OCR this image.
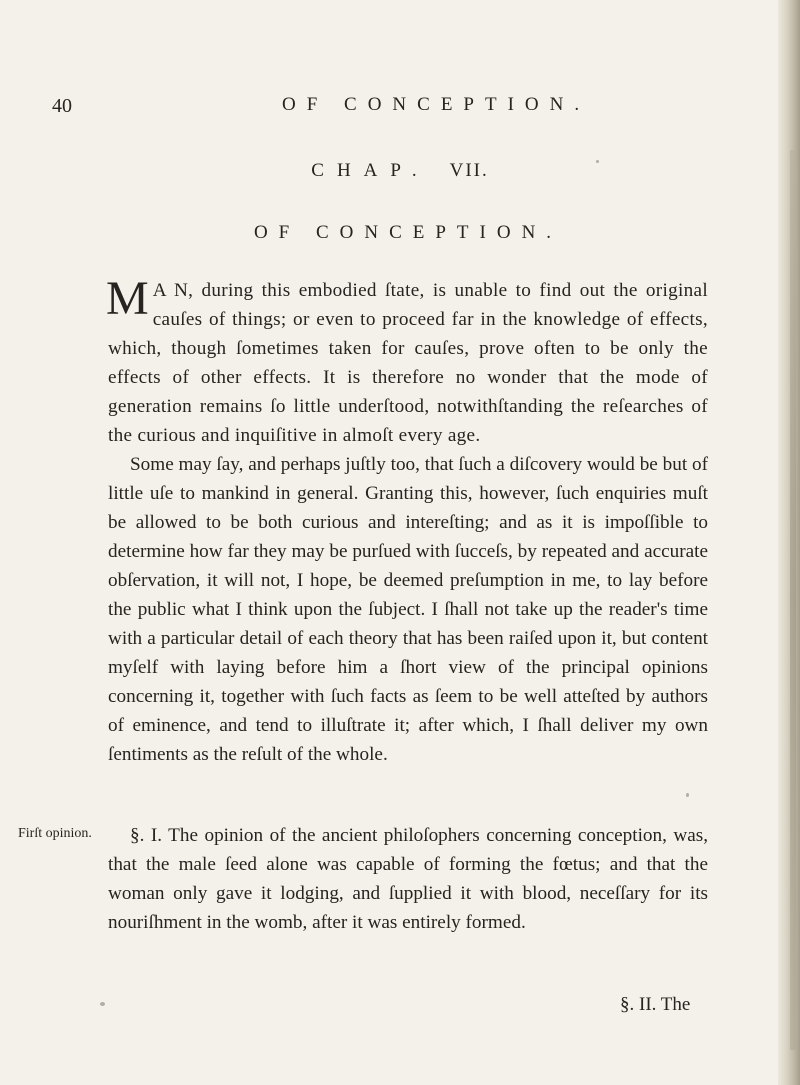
40	OF CONCEPTION.
CHAP. VII.
OF CONCEPTION.

M A N, during this embodied ſtate, is unable to find out the original cauſes of things; or even to proceed far in the knowledge of effects, which, though ſometimes taken for cauſes, prove often to be only the effects of other effects. It is therefore no wonder that the mode of generation remains ſo little underſtood, notwithſtanding the reſearches of the curious and inquiſitive in almoſt every age.

Some may ſay, and perhaps juſtly too, that ſuch a diſcovery would be but of little uſe to mankind in general. Granting this, however, ſuch enquiries muſt be allowed to be both curious and intereſting; and as it is impoſſible to determine how far they may be purſued with ſucceſs, by repeated and accurate obſervation, it will not, I hope, be deemed preſumption in me, to lay before the public what I think upon the ſubject. I ſhall not take up the reader's time with a particular detail of each theory that has been raiſed upon it, but content myſelf with laying before him a ſhort view of the principal opinions concerning it, together with ſuch facts as ſeem to be well atteſted by authors of eminence, and tend to illuſtrate it; after which, I ſhall deliver my own ſentiments as the reſult of the whole.

Firſt opinion.	§. I. The opinion of the ancient philoſophers concerning conception, was, that the male ſeed alone was capable of forming the fœtus; and that the woman only gave it lodging, and ſupplied it with blood, neceſſary for its nouriſhment in the womb, after it was entirely formed.

§. II. The
